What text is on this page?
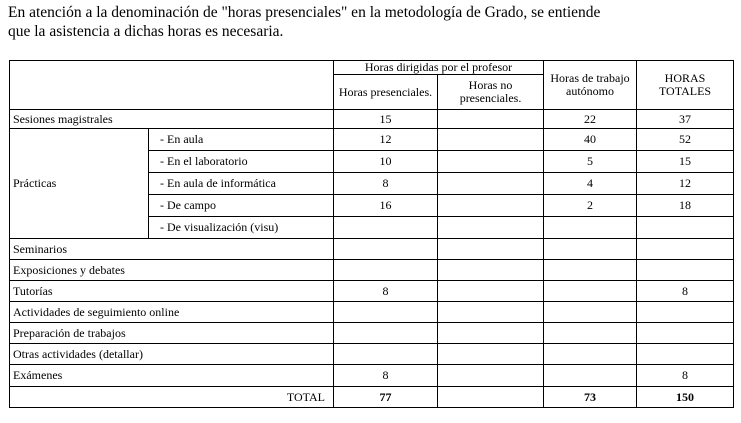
En atención a la denominación de "horas presenciales" en la metodología de Grado, se entiende
que la asistencia a dichas horas es necesaria.
		Horas dirigidas por el profesor		Horas de trabajo autónomo	HORAS TOTALES
		Horas presenciales.	Horas no presenciales.		
Sesiones magistrales		15		22	37
Prácticas	- En aula	12		40	52
	- En el laboratorio	10		5	15
	- En aula de informática	8		4	12
	- De campo	16		2	18
	- De visualización (visu)				
Seminarios					
Exposiciones y debates					
Tutorías		8			8
Actividades de seguimiento online					
Preparación de trabajos					
Otras actividades (detallar)					
Exámenes		8			8
TOTAL		77		73	150
